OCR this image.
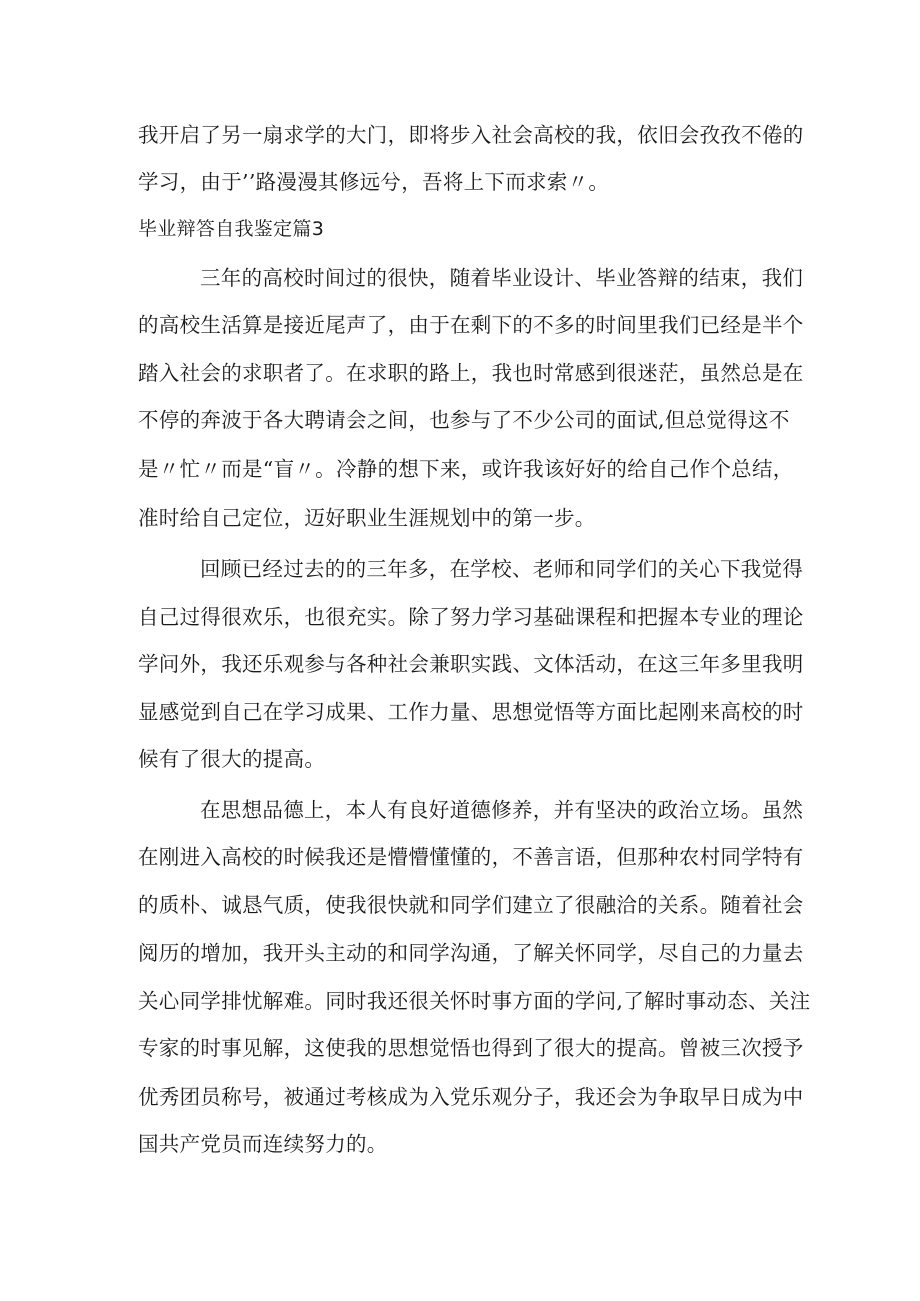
我开启了另一扇求学的大门，即将步入社会高校的我，依旧会孜孜不倦的
学习，由于’’路漫漫其修远兮，吾将上下而求索〃。
毕业辩答自我鉴定篇3
三年的高校时间过的很快，随着毕业设计、毕业答辩的结束，我们
的高校生活算是接近尾声了，由于在剩下的不多的时间里我们已经是半个
踏入社会的求职者了。在求职的路上，我也时常感到很迷茫，虽然总是在
不停的奔波于各大聘请会之间，也参与了不少公司的面试,但总觉得这不
是〃忙〃而是“盲〃。冷静的想下来，或许我该好好的给自己作个总结，
准时给自己定位，迈好职业生涯规划中的第一步。
回顾已经过去的的三年多，在学校、老师和同学们的关心下我觉得
自己过得很欢乐，也很充实。除了努力学习基础课程和把握本专业的理论
学问外，我还乐观参与各种社会兼职实践、文体活动，在这三年多里我明
显感觉到自己在学习成果、工作力量、思想觉悟等方面比起刚来高校的时
候有了很大的提高。
在思想品德上，本人有良好道德修养，并有坚决的政治立场。虽然
在刚进入高校的时候我还是懵懵懂懂的，不善言语，但那种农村同学特有
的质朴、诚恳气质，使我很快就和同学们建立了很融洽的关系。随着社会
阅历的增加，我开头主动的和同学沟通，了解关怀同学，尽自己的力量去
关心同学排忧解难。同时我还很关怀时事方面的学问,了解时事动态、关注
专家的时事见解，这使我的思想觉悟也得到了很大的提高。曾被三次授予
优秀团员称号，被通过考核成为入党乐观分子，我还会为争取早日成为中
国共产党员而连续努力的。
